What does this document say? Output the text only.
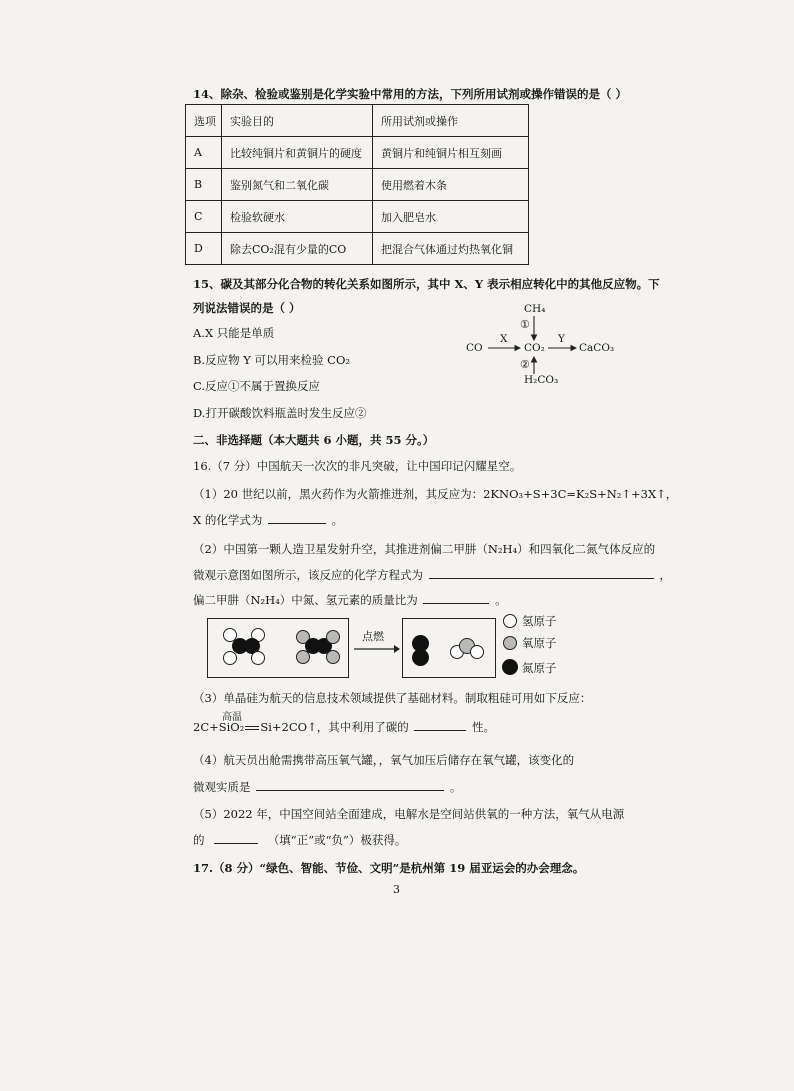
14、除杂、检验或鉴别是化学实验中常用的方法，下列所用试剂或操作错误的是（ ）
选项	实验目的	所用试剂或操作
A	比较纯铜片和黄铜片的硬度	黄铜片和纯铜片相互刻画
B	鉴别氮气和二氧化碳	使用燃着木条
C	检验软硬水	加入肥皂水
D	除去CO₂混有少量的CO	把混合气体通过灼热氧化铜
15、碳及其部分化合物的转化关系如图所示，其中 X、Y 表示相应转化中的其他反应物。下
列说法错误的是（ ）
A.X 只能是单质
B.反应物 Y 可以用来检验 CO₂
C.反应①不属于置换反应
D.打开碳酸饮料瓶盖时发生反应②
CH₄
①
CO
X
CO₂
Y
CaCO₃
②
H₂CO₃
二、非选择题（本大题共 6 小题，共 55 分。）
16.（7 分）中国航天一次次的非凡突破，让中国印记闪耀星空。
（1）20 世纪以前，黑火药作为火箭推进剂，其反应为：2KNO₃+S+3C=K₂S+N₂↑+3X↑，
X 的化学式为	。
（2）中国第一颗人造卫星发射升空，其推进剂偏二甲肼（N₂H₄）和四氧化二氮气体反应的
微观示意图如图所示，该反应的化学方程式为	，
偏二甲肼（N₂H₄）中氮、氢元素的质量比为	。
点燃
氢原子
氧原子
氮原子
（3）单晶硅为航天的信息技术领域提供了基础材料。制取粗硅可用如下反应：
高温
2C+SiO₂ Si+2CO↑，其中利用了碳的	性。
（4）航天员出舱需携带高压氧气罐，，氧气加压后储存在氧气罐，该变化的
微观实质是	。
（5）2022 年，中国空间站全面建成，电解水是空间站供氧的一种方法，氧气从电源
的	（填“正”或“负”）极获得。
17.（8 分）“绿色、智能、节俭、文明”是杭州第 19 届亚运会的办会理念。
3
